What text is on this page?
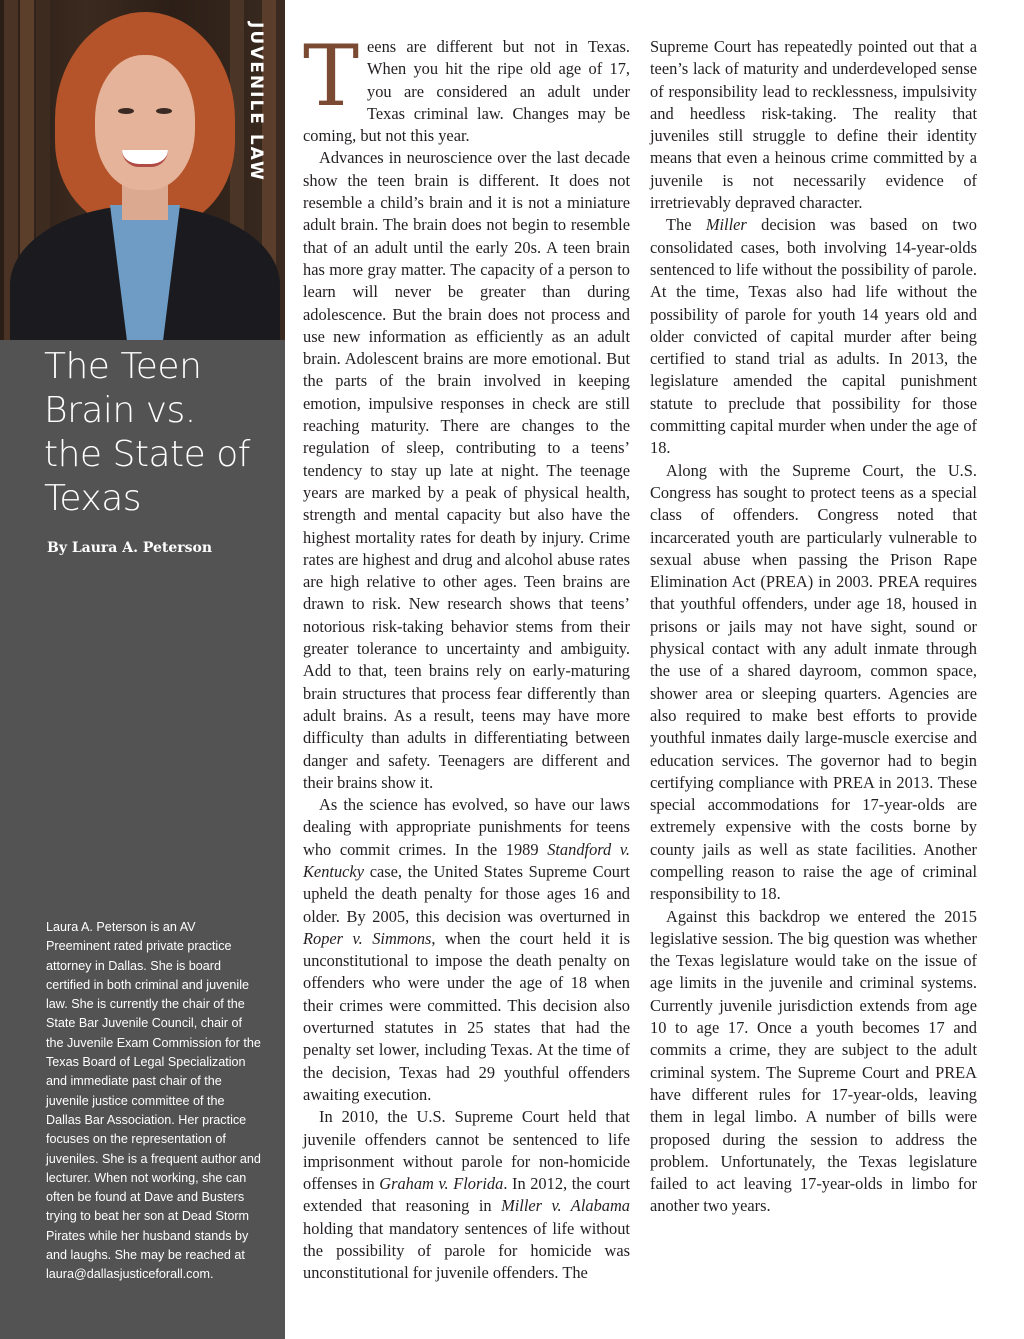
JUVENILE LAW
The Teen
Brain vs.
the State of
Texas

By Laura A. Peterson

Laura A. Peterson is an AV Preeminent rated private practice attorney in Dallas. She is board certified in both criminal and juvenile law. She is currently the chair of the State Bar Juvenile Council, chair of the Juvenile Exam Commission for the Texas Board of Legal Specialization and immediate past chair of the juvenile justice committee of the Dallas Bar Association. Her practice focuses on the representation of juveniles. She is a frequent author and lecturer. When not working, she can often be found at Dave and Busters trying to beat her son at Dead Storm Pirates while her husband stands by and laughs. She may be reached at laura@dallasjusticeforall.com.

Teens are different but not in Texas. When you hit the ripe old age of 17, you are considered an adult under Texas criminal law. Changes may be coming, but not this year.

Advances in neuroscience over the last decade show the teen brain is different. It does not resemble a child’s brain and it is not a miniature adult brain. The brain does not begin to resemble that of an adult until the early 20s. A teen brain has more gray matter. The capacity of a person to learn will never be greater than during adolescence. But the brain does not process and use new information as efficiently as an adult brain. Adolescent brains are more emotional. But the parts of the brain involved in keeping emotion, impulsive responses in check are still reaching maturity. There are changes to the regulation of sleep, contributing to a teens’ tendency to stay up late at night. The teenage years are marked by a peak of physical health, strength and mental capacity but also have the highest mortality rates for death by injury. Crime rates are highest and drug and alcohol abuse rates are high relative to other ages. Teen brains are drawn to risk. New research shows that teens’ notorious risk-taking behavior stems from their greater tolerance to uncertainty and ambiguity. Add to that, teen brains rely on early-maturing brain structures that process fear differently than adult brains. As a result, teens may have more difficulty than adults in differentiating between danger and safety. Teenagers are different and their brains show it.

As the science has evolved, so have our laws dealing with appropriate punishments for teens who commit crimes. In the 1989 Standford v. Kentucky case, the United States Supreme Court upheld the death penalty for those ages 16 and older. By 2005, this decision was overturned in Roper v. Simmons, when the court held it is unconstitutional to impose the death penalty on offenders who were under the age of 18 when their crimes were committed. This decision also overturned statutes in 25 states that had the penalty set lower, including Texas. At the time of the decision, Texas had 29 youthful offenders awaiting execution.

In 2010, the U.S. Supreme Court held that juvenile offenders cannot be sentenced to life imprisonment without parole for non-homicide offenses in Graham v. Florida. In 2012, the court extended that reasoning in Miller v. Alabama holding that mandatory sentences of life without the possibility of parole for homicide was unconstitutional for juvenile offenders. The

Supreme Court has repeatedly pointed out that a teen’s lack of maturity and underdeveloped sense of responsibility lead to recklessness, impulsivity and heedless risk-taking. The reality that juveniles still struggle to define their identity means that even a heinous crime committed by a juvenile is not necessarily evidence of irretrievably depraved character.

The Miller decision was based on two consolidated cases, both involving 14-year-olds sentenced to life without the possibility of parole. At the time, Texas also had life without the possibility of parole for youth 14 years old and older convicted of capital murder after being certified to stand trial as adults. In 2013, the legislature amended the capital punishment statute to preclude that possibility for those committing capital murder when under the age of 18.

Along with the Supreme Court, the U.S. Congress has sought to protect teens as a special class of offenders. Congress noted that incarcerated youth are particularly vulnerable to sexual abuse when passing the Prison Rape Elimination Act (PREA) in 2003. PREA requires that youthful offenders, under age 18, housed in prisons or jails may not have sight, sound or physical contact with any adult inmate through the use of a shared dayroom, common space, shower area or sleeping quarters. Agencies are also required to make best efforts to provide youthful inmates daily large-muscle exercise and education services. The governor had to begin certifying compliance with PREA in 2013. These special accommodations for 17-year-olds are extremely expensive with the costs borne by county jails as well as state facilities. Another compelling reason to raise the age of criminal responsibility to 18.

Against this backdrop we entered the 2015 legislative session. The big question was whether the Texas legislature would take on the issue of age limits in the juvenile and criminal systems. Currently juvenile jurisdiction extends from age 10 to age 17. Once a youth becomes 17 and commits a crime, they are subject to the adult criminal system. The Supreme Court and PREA have different rules for 17-year-olds, leaving them in legal limbo. A number of bills were proposed during the session to address the problem. Unfortunately, the Texas legislature failed to act leaving 17-year-olds in limbo for another two years.
